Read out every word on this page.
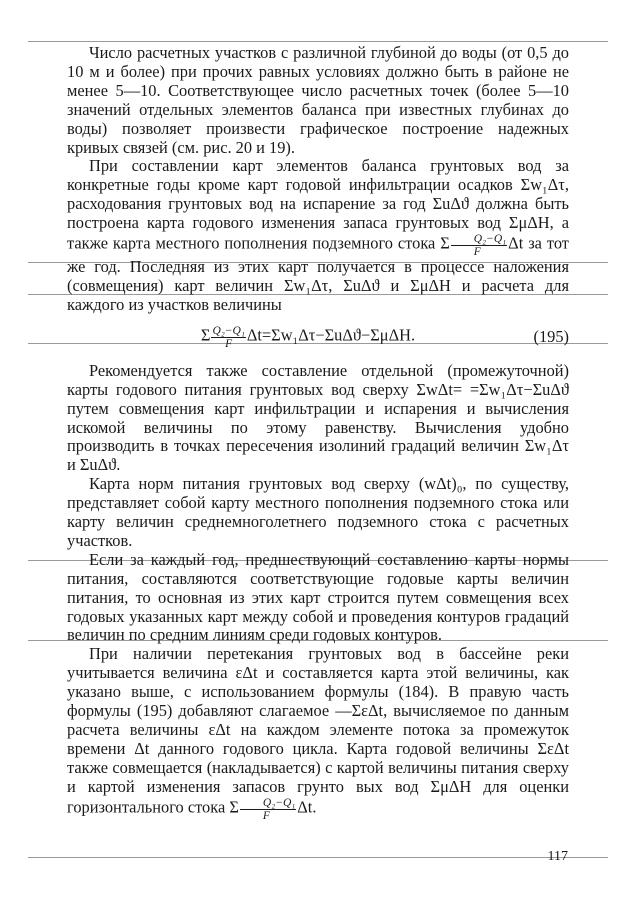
Число расчетных участков с различной глубиной до воды (от 0,5 до 10 м и более) при прочих равных условиях должно быть в районе не менее 5—10. Соответствующее число расчетных точек (более 5—10 значений отдельных элементов баланса при известных глубинах до воды) позволяет произвести графическое построение надежных кривых связей (см. рис. 20 и 19).

При составлении карт элементов баланса грунтовых вод за конкретные годы кроме карт годовой инфильтрации осадков Σw₁Δτ, расходования грунтовых вод на испарение за год ΣuΔϑ должна быть построена карта годового изменения запаса грунтовых вод ΣμΔH, а также карта местного пополнения подземного стока Σ $\frac{\text{Q₂−Q₁}}{F}$ Δt за тот же год. Последняя из этих карт получается в процессе наложения (совмещения) карт величин Σw₁Δτ, ΣuΔϑ и ΣμΔH и расчета для каждого из участков величины

Σ $\frac{\text{Q₂−Q₁}}{F} \Delta t=\Sigma w_1\Delta\tau-\Sigma u\Delta ϑ-\Sigma\mu\Delta H$.	(195)

Рекомендуется также составление отдельной (промежуточной) карты годового питания грунтовых вод сверху ΣwΔt= =Σw₁Δτ−ΣuΔϑ путем совмещения карт инфильтрации и испарения и вычисления искомой величины по этому равенству. Вычисления удобно производить в точках пересечения изолиний градаций величин Σw₁Δτ и ΣuΔϑ.

Карта норм питания грунтовых вод сверху (wΔt)₀, по существу, представляет собой карту местного пополнения подземного стока или карту величин среднемноголетнего подземного стока с расчетных участков.

Если за каждый год, предшествующий составлению карты нормы питания, составляются соответствующие годовые карты величин питания, то основная из этих карт строится путем совмещения всех годовых указанных карт между собой и проведения контуров градаций величин по средним линиям среди годовых контуров.

При наличии перетекания грунтовых вод в бассейне реки учитывается величина εΔt и составляется карта этой величины, как указано выше, с использованием формулы (184). В правую часть формулы (195) добавляют слагаемое —ΣεΔt, вычисляемое по данным расчета величины εΔt на каждом элементе потока за промежуток времени Δt данного годового цикла. Карта годовой величины ΣεΔt также совмещается (накладывается) с картой величины питания сверху и картой изменения запасов грунто вых вод ΣμΔH для оценки горизонтального стока Σ $\frac{\text{Q₂−Q₁}}{F} \Delta t$.

117
